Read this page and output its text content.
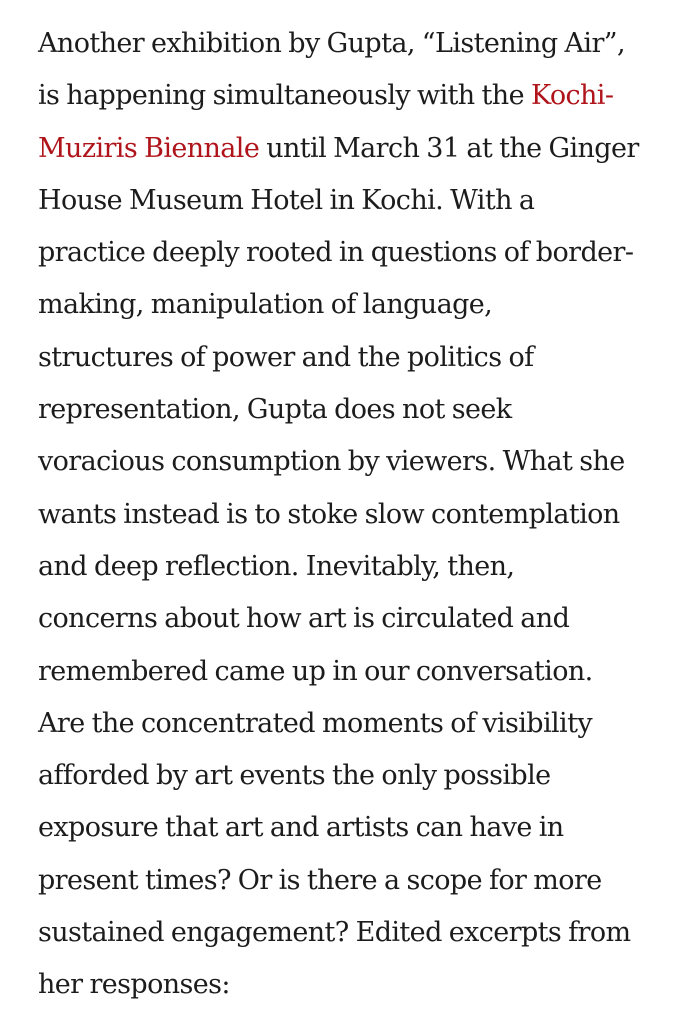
Another exhibition by Gupta, “Listening Air”,
is happening simultaneously with the Kochi-
Muziris Biennale until March 31 at the Ginger
House Museum Hotel in Kochi. With a
practice deeply rooted in questions of border-
making, manipulation of language,
structures of power and the politics of
representation, Gupta does not seek
voracious consumption by viewers. What she
wants instead is to stoke slow contemplation
and deep reflection. Inevitably, then,
concerns about how art is circulated and
remembered came up in our conversation.
Are the concentrated moments of visibility
afforded by art events the only possible
exposure that art and artists can have in
present times? Or is there a scope for more
sustained engagement? Edited excerpts from
her responses:
